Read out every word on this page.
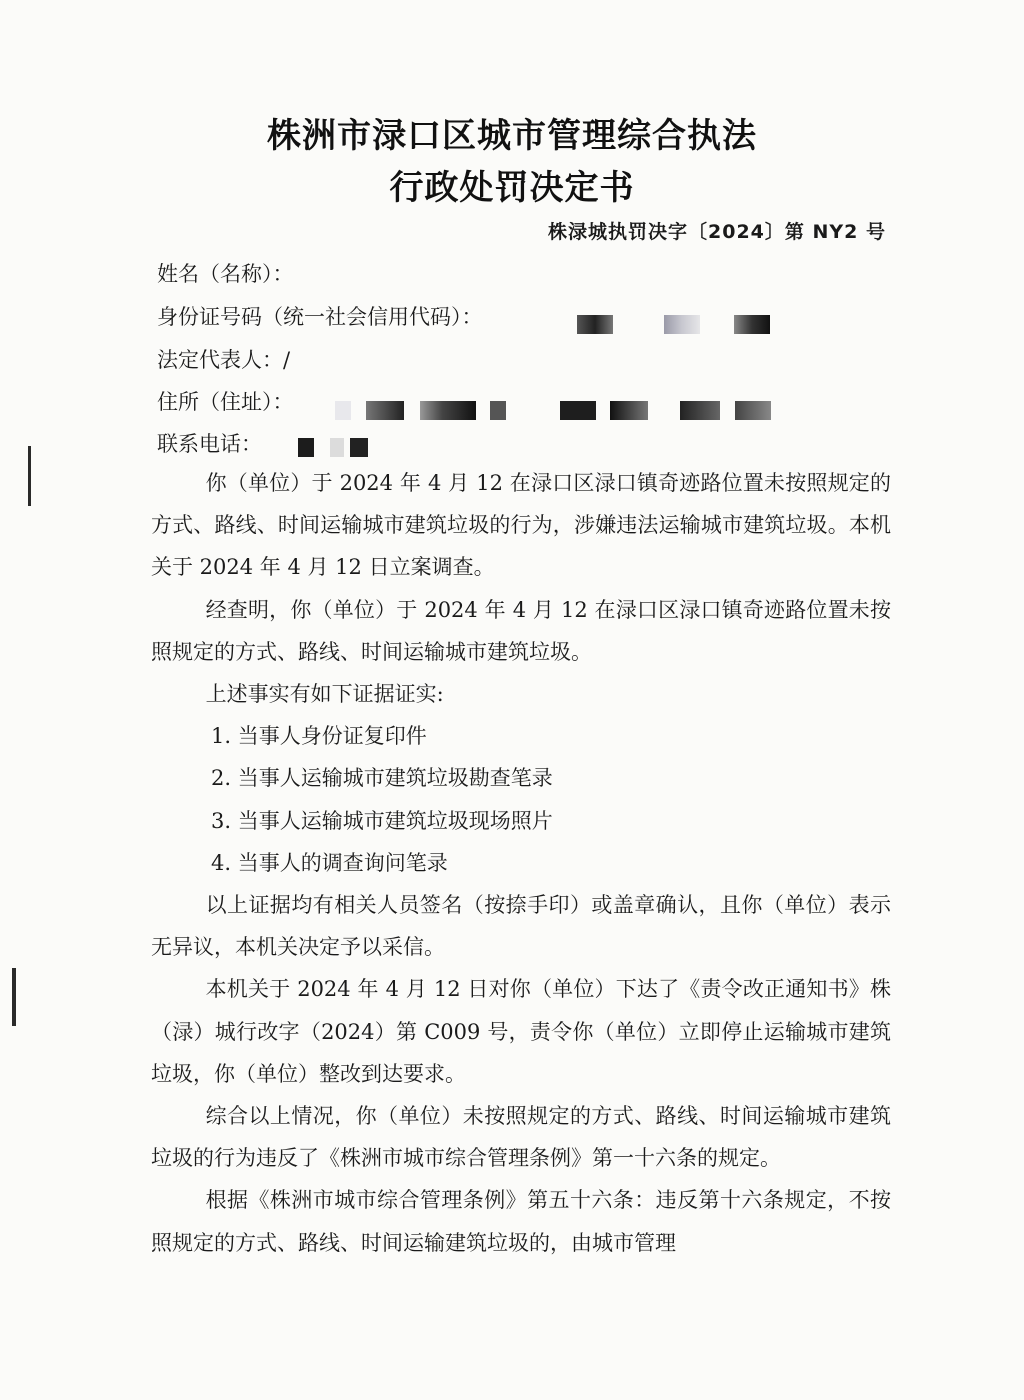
株洲市渌口区城市管理综合执法
行政处罚决定书
株渌城执罚决字〔2024〕第 NY2 号
姓名（名称）：
身份证号码（统一社会信用代码）：
法定代表人：/
住所（住址）：
联系电话：

你（单位）于 2024 年 4 月 12 在渌口区渌口镇奇迹路位置未按照规定的方式、路线、时间运输城市建筑垃圾的行为，涉嫌违法运输城市建筑垃圾。本机关于 2024 年 4 月 12 日立案调查。

经查明，你（单位）于 2024 年 4 月 12 在渌口区渌口镇奇迹路位置未按照规定的方式、路线、时间运输城市建筑垃圾。

上述事实有如下证据证实:

1. 当事人身份证复印件

2. 当事人运输城市建筑垃圾勘查笔录

3. 当事人运输城市建筑垃圾现场照片

4. 当事人的调查询问笔录

以上证据均有相关人员签名（按捺手印）或盖章确认，且你（单位）表示无异议，本机关决定予以采信。

本机关于 2024 年 4 月 12 日对你（单位）下达了《责令改正通知书》株（渌）城行改字（2024）第 C009 号，责令你（单位）立即停止运输城市建筑垃圾，你（单位）整改到达要求。

综合以上情况，你（单位）未按照规定的方式、路线、时间运输城市建筑垃圾的行为违反了《株洲市城市综合管理条例》第一十六条的规定。

根据《株洲市城市综合管理条例》第五十六条：违反第十六条规定，不按照规定的方式、路线、时间运输建筑垃圾的，由城市管理
